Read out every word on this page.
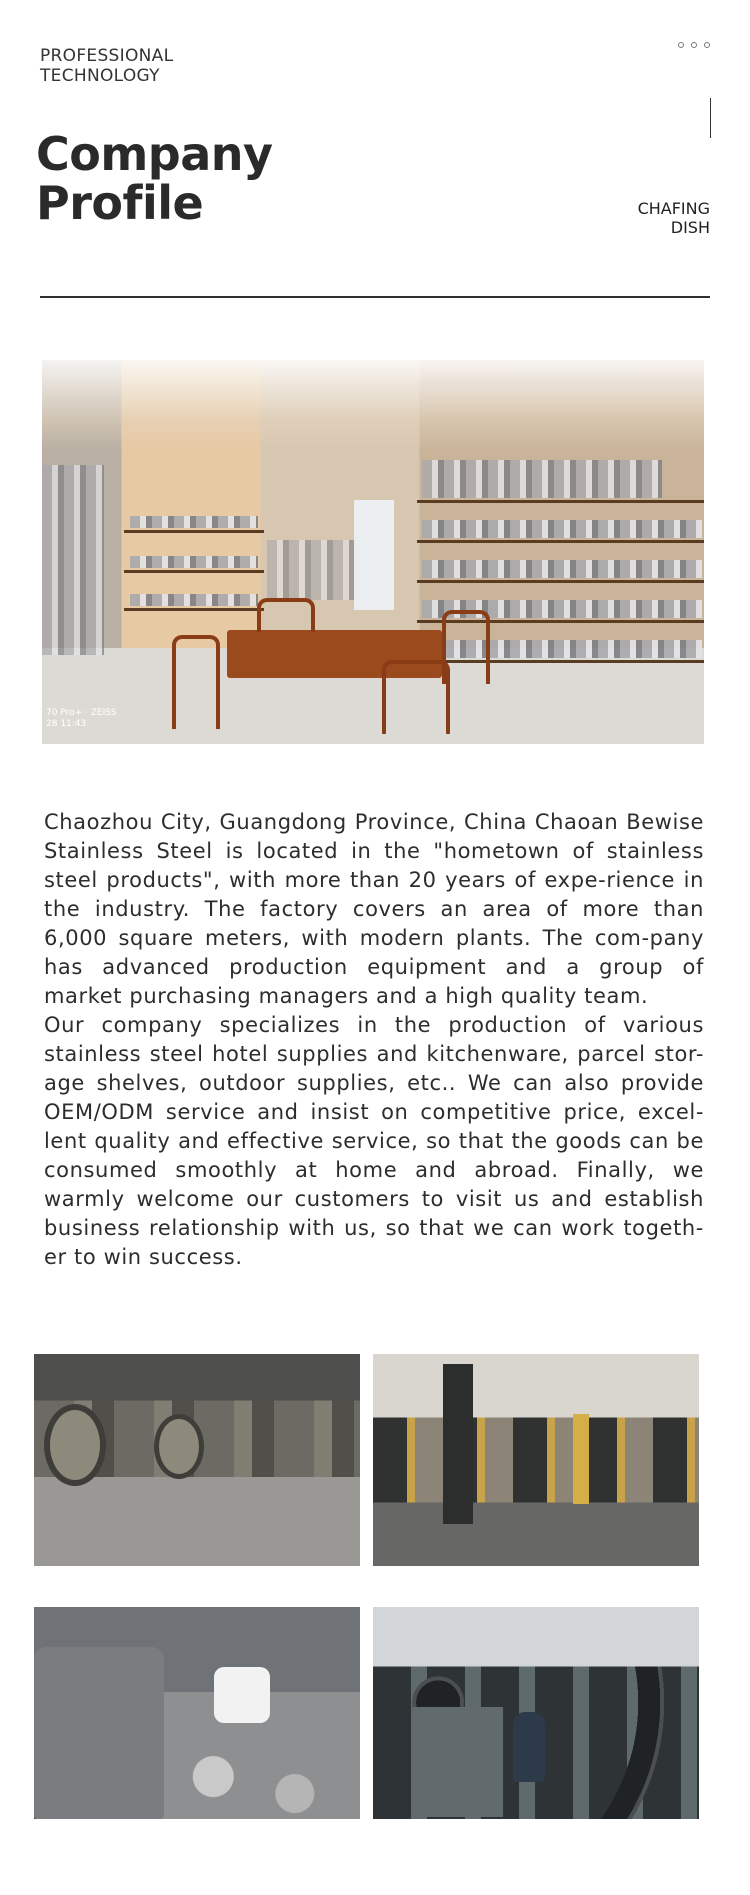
PROFESSIONAL
TECHNOLOGY
Company
Profile	CHAFING
DISH
70 Pro+ · ZEISS
28 11:43

Chaozhou City, Guangdong Province, China Chaoan Bewise Stainless Steel is located in the "hometown of stainless steel products", with more than 20 years of expe-rience in the industry. The factory covers an area of more than 6,000 square meters, with modern plants. The com-pany has advanced production equipment and a group of market purchasing managers and a high quality team.

Our company specializes in the production of various stainless steel hotel supplies and kitchenware, parcel stor-age shelves, outdoor supplies, etc.. We can also provide OEM/ODM service and insist on competitive price, excel-lent quality and effective service, so that the goods can be consumed smoothly at home and abroad. Finally, we warmly welcome our customers to visit us and establish business relationship with us, so that we can work togeth-er to win success.
